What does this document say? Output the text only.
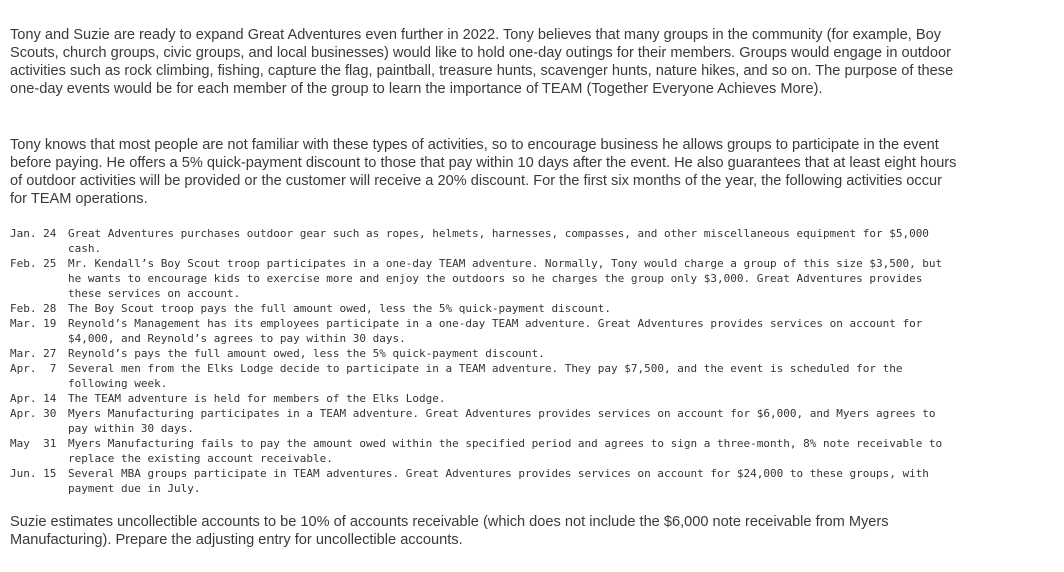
Tony and Suzie are ready to expand Great Adventures even further in 2022. Tony believes that many groups in the community (for example, Boy Scouts, church groups, civic groups, and local businesses) would like to hold one-day outings for their members. Groups would engage in outdoor activities such as rock climbing, fishing, capture the flag, paintball, treasure hunts, scavenger hunts, nature hikes, and so on. The purpose of these one-day events would be for each member of the group to learn the importance of TEAM (Together Everyone Achieves More).

Tony knows that most people are not familiar with these types of activities, so to encourage business he allows groups to participate in the event before paying. He offers a 5% quick-payment discount to those that pay within 10 days after the event. He also guarantees that at least eight hours of outdoor activities will be provided or the customer will receive a 20% discount. For the first six months of the year, the following activities occur for TEAM operations.

Jan. 24	Great Adventures purchases outdoor gear such as ropes, helmets, harnesses, compasses, and other miscellaneous equipment for $5,000 cash.
Feb. 25	Mr. Kendall’s Boy Scout troop participates in a one-day TEAM adventure. Normally, Tony would charge a group of this size $3,500, but he wants to encourage kids to exercise more and enjoy the outdoors so he charges the group only $3,000. Great Adventures provides these services on account.
Feb. 28	The Boy Scout troop pays the full amount owed, less the 5% quick-payment discount.
Mar. 19	Reynold’s Management has its employees participate in a one-day TEAM adventure. Great Adventures provides services on account for $4,000, and Reynold’s agrees to pay within 30 days.
Mar. 27	Reynold’s pays the full amount owed, less the 5% quick-payment discount.
Apr.  7	Several men from the Elks Lodge decide to participate in a TEAM adventure. They pay $7,500, and the event is scheduled for the following week.
Apr. 14	The TEAM adventure is held for members of the Elks Lodge.
Apr. 30	Myers Manufacturing participates in a TEAM adventure. Great Adventures provides services on account for $6,000, and Myers agrees to pay within 30 days.
May  31	Myers Manufacturing fails to pay the amount owed within the specified period and agrees to sign a three-month, 8% note receivable to replace the existing account receivable.
Jun. 15	Several MBA groups participate in TEAM adventures. Great Adventures provides services on account for $24,000 to these groups, with payment due in July.

Suzie estimates uncollectible accounts to be 10% of accounts receivable (which does not include the $6,000 note receivable from Myers Manufacturing). Prepare the adjusting entry for uncollectible accounts.
